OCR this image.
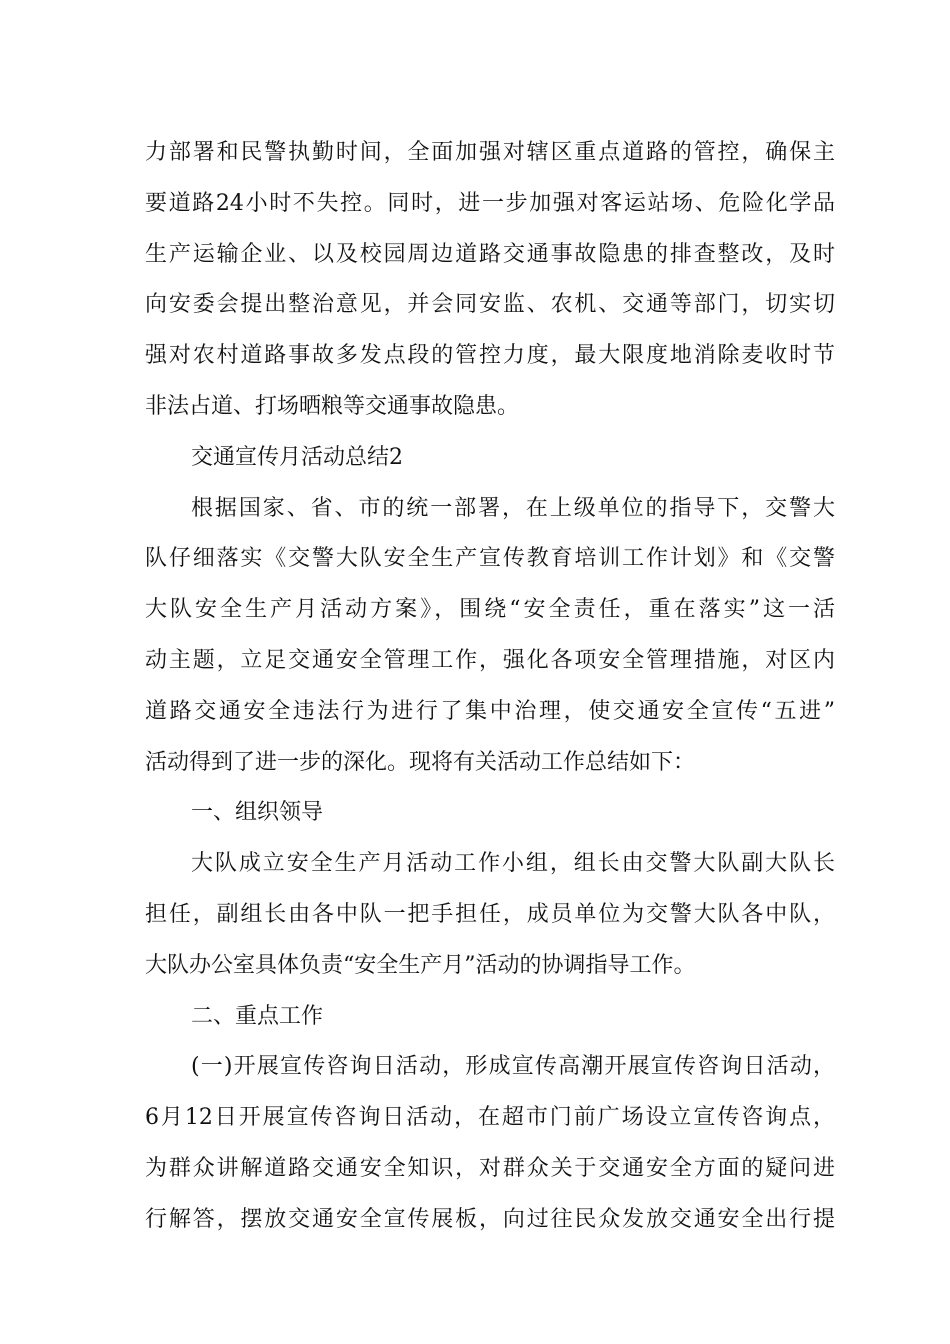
力部署和民警执勤时间，全面加强对辖区重点道路的管控，确保主
要道路24小时不失控。同时，进一步加强对客运站场、危险化学品
生产运输企业、以及校园周边道路交通事故隐患的排查整改，及时
向安委会提出整治意见，并会同安监、农机、交通等部门，切实切
强对农村道路事故多发点段的管控力度，最大限度地消除麦收时节
非法占道、打场晒粮等交通事故隐患。
交通宣传月活动总结2
根据国家、省、市的统一部署，在上级单位的指导下，交警大
队仔细落实《交警大队安全生产宣传教育培训工作计划》和《交警
大队安全生产月活动方案》，围绕“安全责任，重在落实”这一活
动主题，立足交通安全管理工作，强化各项安全管理措施，对区内
道路交通安全违法行为进行了集中治理，使交通安全宣传“五进”
活动得到了进一步的深化。现将有关活动工作总结如下：
一、组织领导
大队成立安全生产月活动工作小组，组长由交警大队副大队长
担任，副组长由各中队一把手担任，成员单位为交警大队各中队，
大队办公室具体负责“安全生产月”活动的协调指导工作。
二、重点工作
(一)开展宣传咨询日活动，形成宣传高潮开展宣传咨询日活动，
6月12日开展宣传咨询日活动，在超市门前广场设立宣传咨询点，
为群众讲解道路交通安全知识，对群众关于交通安全方面的疑问进
行解答，摆放交通安全宣传展板，向过往民众发放交通安全出行提
